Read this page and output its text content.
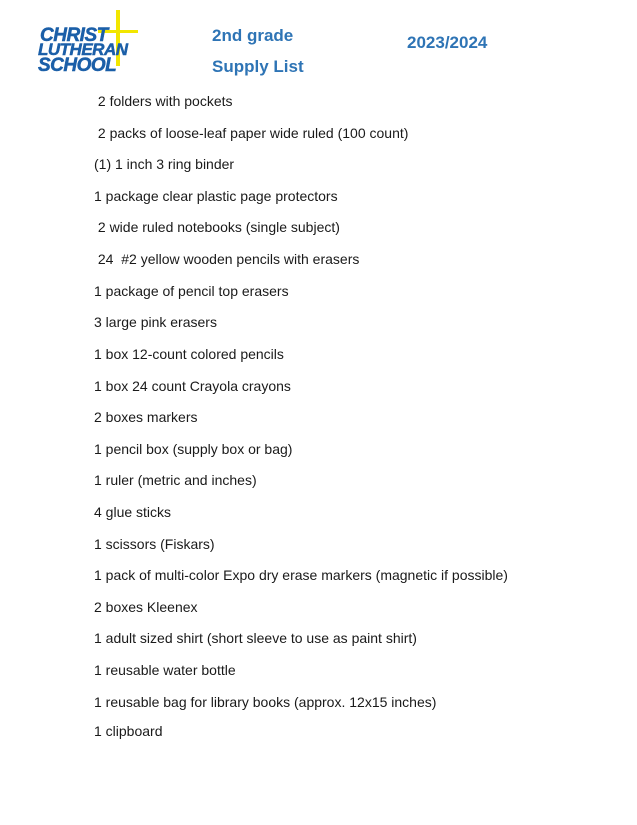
CHRIST
LUTHERAN
SCHOOL
2nd grade
Supply List
2023/2024
2 folders with pockets
2 packs of loose-leaf paper wide ruled (100 count)
(1) 1 inch 3 ring binder
1 package clear plastic page protectors
2 wide ruled notebooks (single subject)
24  #2 yellow wooden pencils with erasers
1 package of pencil top erasers
3 large pink erasers
1 box 12-count colored pencils
1 box 24 count Crayola crayons
2 boxes markers
1 pencil box (supply box or bag)
1 ruler (metric and inches)
4 glue sticks
1 scissors (Fiskars)
1 pack of multi-color Expo dry erase markers (magnetic if possible)
2 boxes Kleenex
1 adult sized shirt (short sleeve to use as paint shirt)
1 reusable water bottle
1 reusable bag for library books (approx. 12x15 inches)
1 clipboard
